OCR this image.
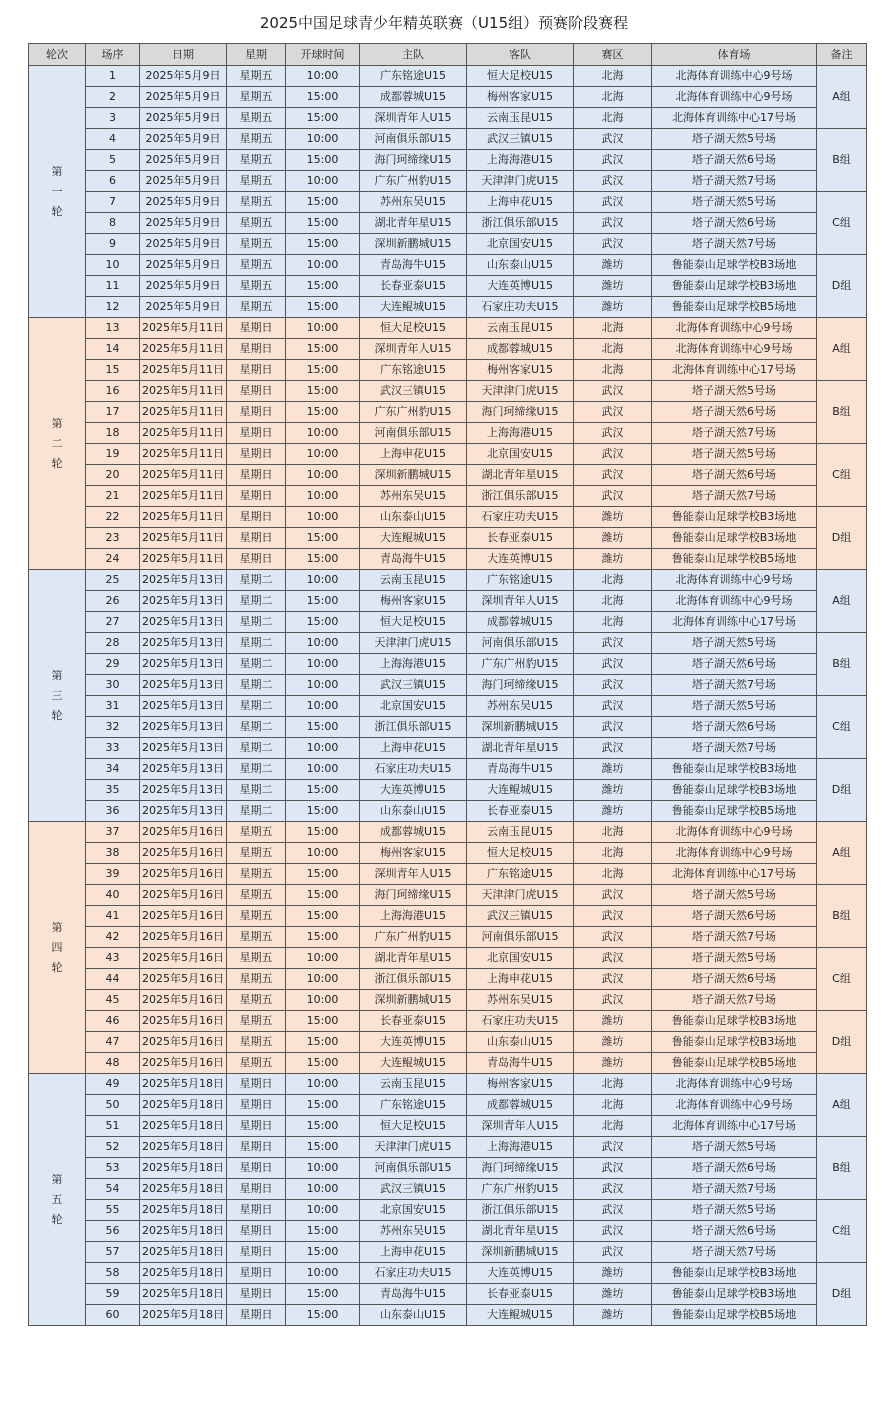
2025中国足球青少年精英联赛（U15组）预赛阶段赛程
轮次	场序	日期	星期	开球时间	主队	客队	赛区	体育场	备注

第
一
轮	1	2025年5月9日	星期五	10:00	广东铭途U15	恒大足校U15	北海	北海体育训练中心9号场	A组
	2	2025年5月9日	星期五	15:00	成都蓉城U15	梅州客家U15	北海	北海体育训练中心9号场	
	3	2025年5月9日	星期五	15:00	深圳青年人U15	云南玉昆U15	北海	北海体育训练中心17号场	
	4	2025年5月9日	星期五	10:00	河南俱乐部U15	武汉三镇U15	武汉	塔子湖天然5号场	B组
	5	2025年5月9日	星期五	15:00	海门珂缔缘U15	上海海港U15	武汉	塔子湖天然6号场	
	6	2025年5月9日	星期五	10:00	广东广州豹U15	天津津门虎U15	武汉	塔子湖天然7号场	
	7	2025年5月9日	星期五	15:00	苏州东吴U15	上海申花U15	武汉	塔子湖天然5号场	C组
	8	2025年5月9日	星期五	15:00	湖北青年星U15	浙江俱乐部U15	武汉	塔子湖天然6号场	
	9	2025年5月9日	星期五	15:00	深圳新鹏城U15	北京国安U15	武汉	塔子湖天然7号场	
	10	2025年5月9日	星期五	10:00	青岛海牛U15	山东泰山U15	潍坊	鲁能泰山足球学校B3场地	D组
	11	2025年5月9日	星期五	15:00	长春亚泰U15	大连英博U15	潍坊	鲁能泰山足球学校B3场地	
	12	2025年5月9日	星期五	15:00	大连鲲城U15	石家庄功夫U15	潍坊	鲁能泰山足球学校B5场地	

第
二
轮	13	2025年5月11日	星期日	10:00	恒大足校U15	云南玉昆U15	北海	北海体育训练中心9号场	A组
	14	2025年5月11日	星期日	15:00	深圳青年人U15	成都蓉城U15	北海	北海体育训练中心9号场	
	15	2025年5月11日	星期日	15:00	广东铭途U15	梅州客家U15	北海	北海体育训练中心17号场	
	16	2025年5月11日	星期日	15:00	武汉三镇U15	天津津门虎U15	武汉	塔子湖天然5号场	B组
	17	2025年5月11日	星期日	15:00	广东广州豹U15	海门珂缔缘U15	武汉	塔子湖天然6号场	
	18	2025年5月11日	星期日	10:00	河南俱乐部U15	上海海港U15	武汉	塔子湖天然7号场	
	19	2025年5月11日	星期日	10:00	上海申花U15	北京国安U15	武汉	塔子湖天然5号场	C组
	20	2025年5月11日	星期日	10:00	深圳新鹏城U15	湖北青年星U15	武汉	塔子湖天然6号场	
	21	2025年5月11日	星期日	10:00	苏州东吴U15	浙江俱乐部U15	武汉	塔子湖天然7号场	
	22	2025年5月11日	星期日	10:00	山东泰山U15	石家庄功夫U15	潍坊	鲁能泰山足球学校B3场地	D组
	23	2025年5月11日	星期日	15:00	大连鲲城U15	长春亚泰U15	潍坊	鲁能泰山足球学校B3场地	
	24	2025年5月11日	星期日	15:00	青岛海牛U15	大连英博U15	潍坊	鲁能泰山足球学校B5场地	

第
三
轮	25	2025年5月13日	星期二	10:00	云南玉昆U15	广东铭途U15	北海	北海体育训练中心9号场	A组
	26	2025年5月13日	星期二	15:00	梅州客家U15	深圳青年人U15	北海	北海体育训练中心9号场	
	27	2025年5月13日	星期二	15:00	恒大足校U15	成都蓉城U15	北海	北海体育训练中心17号场	
	28	2025年5月13日	星期二	10:00	天津津门虎U15	河南俱乐部U15	武汉	塔子湖天然5号场	B组
	29	2025年5月13日	星期二	10:00	上海海港U15	广东广州豹U15	武汉	塔子湖天然6号场	
	30	2025年5月13日	星期二	10:00	武汉三镇U15	海门珂缔缘U15	武汉	塔子湖天然7号场	
	31	2025年5月13日	星期二	10:00	北京国安U15	苏州东吴U15	武汉	塔子湖天然5号场	C组
	32	2025年5月13日	星期二	15:00	浙江俱乐部U15	深圳新鹏城U15	武汉	塔子湖天然6号场	
	33	2025年5月13日	星期二	10:00	上海申花U15	湖北青年星U15	武汉	塔子湖天然7号场	
	34	2025年5月13日	星期二	10:00	石家庄功夫U15	青岛海牛U15	潍坊	鲁能泰山足球学校B3场地	D组
	35	2025年5月13日	星期二	15:00	大连英博U15	大连鲲城U15	潍坊	鲁能泰山足球学校B3场地	
	36	2025年5月13日	星期二	15:00	山东泰山U15	长春亚泰U15	潍坊	鲁能泰山足球学校B5场地	

第
四
轮	37	2025年5月16日	星期五	15:00	成都蓉城U15	云南玉昆U15	北海	北海体育训练中心9号场	A组
	38	2025年5月16日	星期五	10:00	梅州客家U15	恒大足校U15	北海	北海体育训练中心9号场	
	39	2025年5月16日	星期五	15:00	深圳青年人U15	广东铭途U15	北海	北海体育训练中心17号场	
	40	2025年5月16日	星期五	15:00	海门珂缔缘U15	天津津门虎U15	武汉	塔子湖天然5号场	B组
	41	2025年5月16日	星期五	15:00	上海海港U15	武汉三镇U15	武汉	塔子湖天然6号场	
	42	2025年5月16日	星期五	15:00	广东广州豹U15	河南俱乐部U15	武汉	塔子湖天然7号场	
	43	2025年5月16日	星期五	10:00	湖北青年星U15	北京国安U15	武汉	塔子湖天然5号场	C组
	44	2025年5月16日	星期五	10:00	浙江俱乐部U15	上海申花U15	武汉	塔子湖天然6号场	
	45	2025年5月16日	星期五	10:00	深圳新鹏城U15	苏州东吴U15	武汉	塔子湖天然7号场	
	46	2025年5月16日	星期五	15:00	长春亚泰U15	石家庄功夫U15	潍坊	鲁能泰山足球学校B3场地	D组
	47	2025年5月16日	星期五	15:00	大连英博U15	山东泰山U15	潍坊	鲁能泰山足球学校B3场地	
	48	2025年5月16日	星期五	15:00	大连鲲城U15	青岛海牛U15	潍坊	鲁能泰山足球学校B5场地	

第
五
轮	49	2025年5月18日	星期日	10:00	云南玉昆U15	梅州客家U15	北海	北海体育训练中心9号场	A组
	50	2025年5月18日	星期日	15:00	广东铭途U15	成都蓉城U15	北海	北海体育训练中心9号场	
	51	2025年5月18日	星期日	15:00	恒大足校U15	深圳青年人U15	北海	北海体育训练中心17号场	
	52	2025年5月18日	星期日	15:00	天津津门虎U15	上海海港U15	武汉	塔子湖天然5号场	B组
	53	2025年5月18日	星期日	10:00	河南俱乐部U15	海门珂缔缘U15	武汉	塔子湖天然6号场	
	54	2025年5月18日	星期日	10:00	武汉三镇U15	广东广州豹U15	武汉	塔子湖天然7号场	
	55	2025年5月18日	星期日	10:00	北京国安U15	浙江俱乐部U15	武汉	塔子湖天然5号场	C组
	56	2025年5月18日	星期日	15:00	苏州东吴U15	湖北青年星U15	武汉	塔子湖天然6号场	
	57	2025年5月18日	星期日	15:00	上海申花U15	深圳新鹏城U15	武汉	塔子湖天然7号场	
	58	2025年5月18日	星期日	10:00	石家庄功夫U15	大连英博U15	潍坊	鲁能泰山足球学校B3场地	D组
	59	2025年5月18日	星期日	15:00	青岛海牛U15	长春亚泰U15	潍坊	鲁能泰山足球学校B3场地	
	60	2025年5月18日	星期日	15:00	山东泰山U15	大连鲲城U15	潍坊	鲁能泰山足球学校B5场地	
